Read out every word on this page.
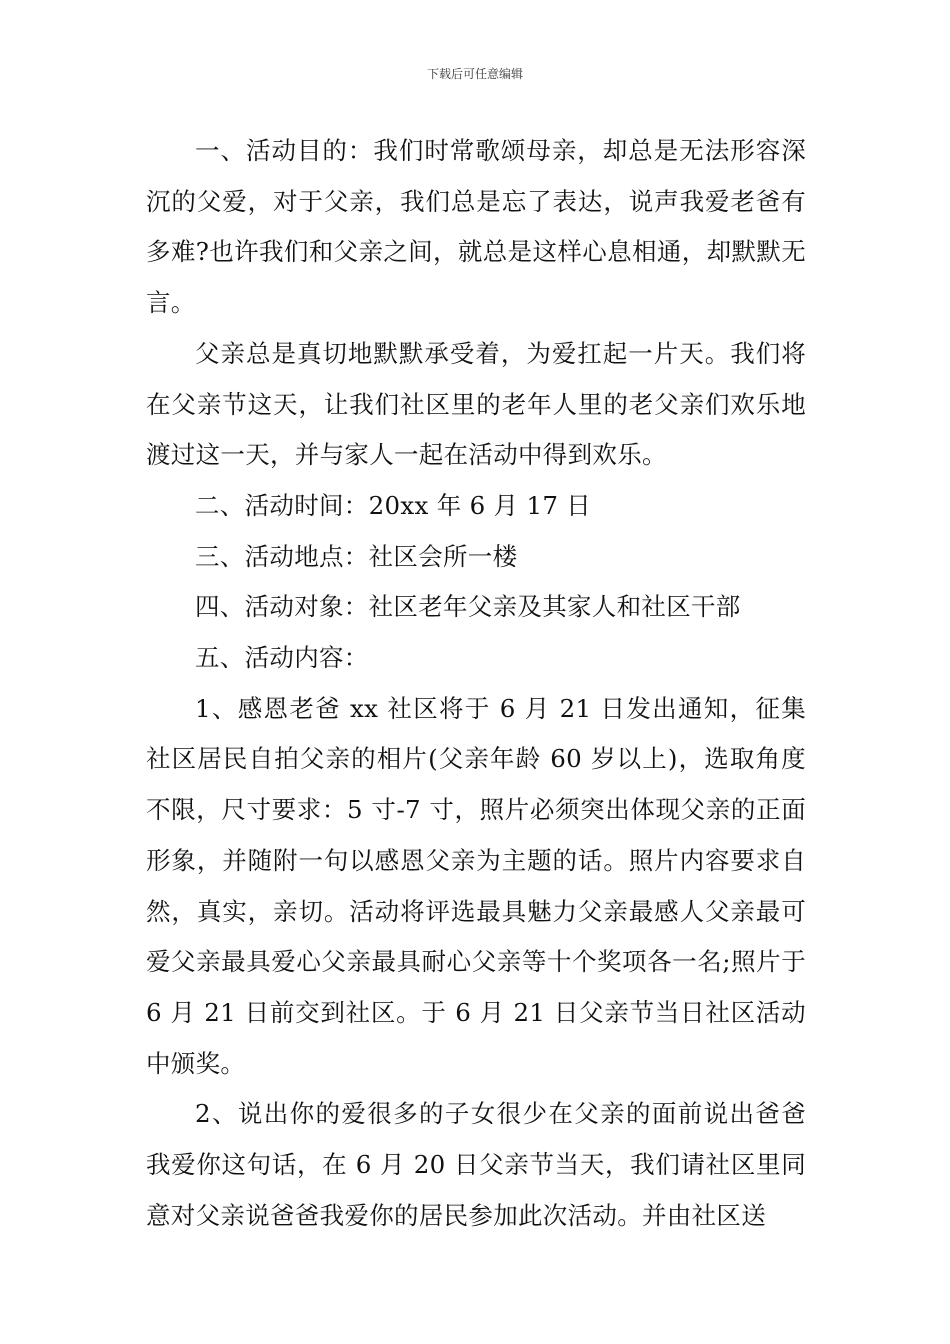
下载后可任意编辑

一、活动目的：我们时常歌颂母亲，却总是无法形容深沉的父爱，对于父亲，我们总是忘了表达，说声我爱老爸有多难?也许我们和父亲之间，就总是这样心息相通，却默默无言。

父亲总是真切地默默承受着，为爱扛起一片天。我们将在父亲节这天，让我们社区里的老年人里的老父亲们欢乐地渡过这一天，并与家人一起在活动中得到欢乐。

二、活动时间：20xx 年 6 月 17 日

三、活动地点：社区会所一楼

四、活动对象：社区老年父亲及其家人和社区干部

五、活动内容：

1、感恩老爸 xx 社区将于 6 月 21 日发出通知，征集社区居民自拍父亲的相片(父亲年龄 60 岁以上)，选取角度不限，尺寸要求：5 寸-7 寸，照片必须突出体现父亲的正面形象，并随附一句以感恩父亲为主题的话。照片内容要求自然，真实，亲切。活动将评选最具魅力父亲最感人父亲最可爱父亲最具爱心父亲最具耐心父亲等十个奖项各一名;照片于 6 月 21 日前交到社区。于 6 月 21 日父亲节当日社区活动中颁奖。

2、说出你的爱很多的子女很少在父亲的面前说出爸爸我爱你这句话，在 6 月 20 日父亲节当天，我们请社区里同意对父亲说爸爸我爱你的居民参加此次活动。并由社区送
